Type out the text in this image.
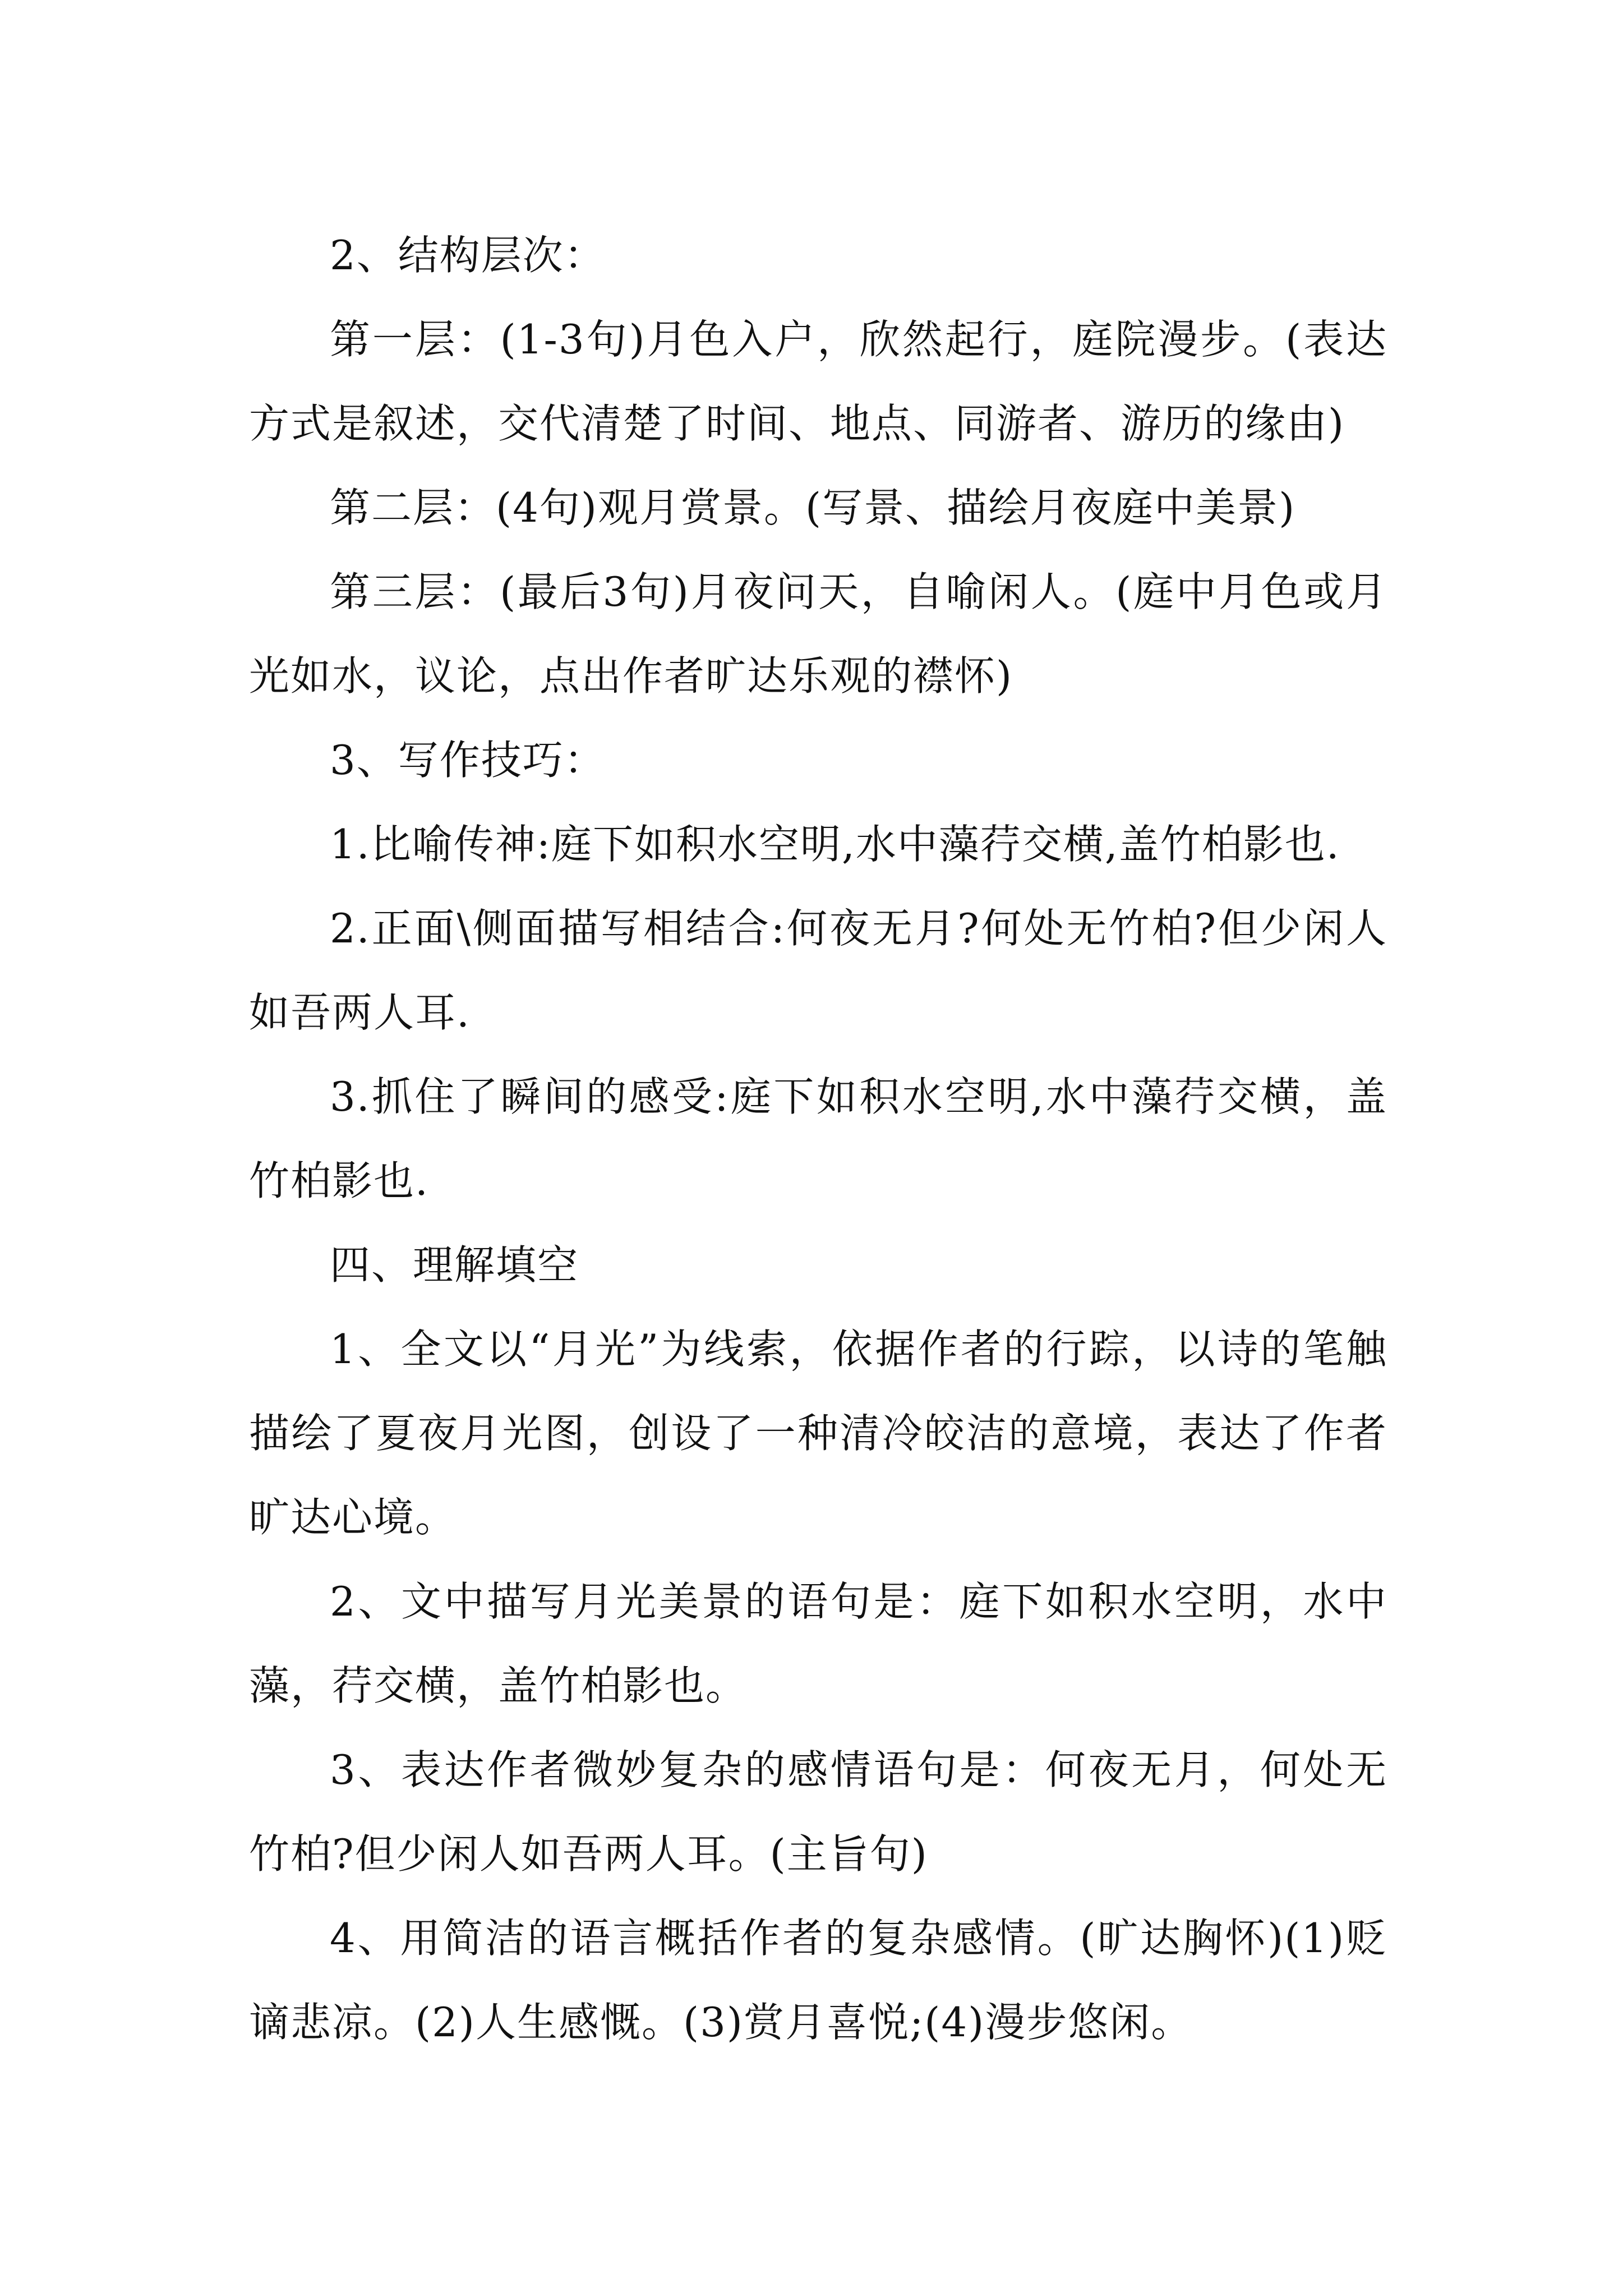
2、结构层次：

第一层：(1-3句)月色入户，欣然起行，庭院漫步。(表达方式是叙述，交代清楚了时间、地点、同游者、游历的缘由)

第二层：(4句)观月赏景。(写景、描绘月夜庭中美景)

第三层：(最后3句)月夜问天，自喻闲人。(庭中月色或月光如水，议论，点出作者旷达乐观的襟怀)

3、写作技巧：

1.比喻传神:庭下如积水空明,水中藻荇交横,盖竹柏影也.

2.正面\侧面描写相结合:何夜无月?何处无竹柏?但少闲人如吾两人耳.

3.抓住了瞬间的感受:庭下如积水空明,水中藻荇交横，盖竹柏影也.

四、理解填空

1、全文以“月光”为线索，依据作者的行踪，以诗的笔触描绘了夏夜月光图，创设了一种清冷皎洁的意境，表达了作者旷达心境。

2、文中描写月光美景的语句是：庭下如积水空明，水中藻，荇交横，盖竹柏影也。

3、表达作者微妙复杂的感情语句是：何夜无月，何处无竹柏?但少闲人如吾两人耳。(主旨句)

4、用简洁的语言概括作者的复杂感情。(旷达胸怀)(1)贬谪悲凉。(2)人生感慨。(3)赏月喜悦;(4)漫步悠闲。
